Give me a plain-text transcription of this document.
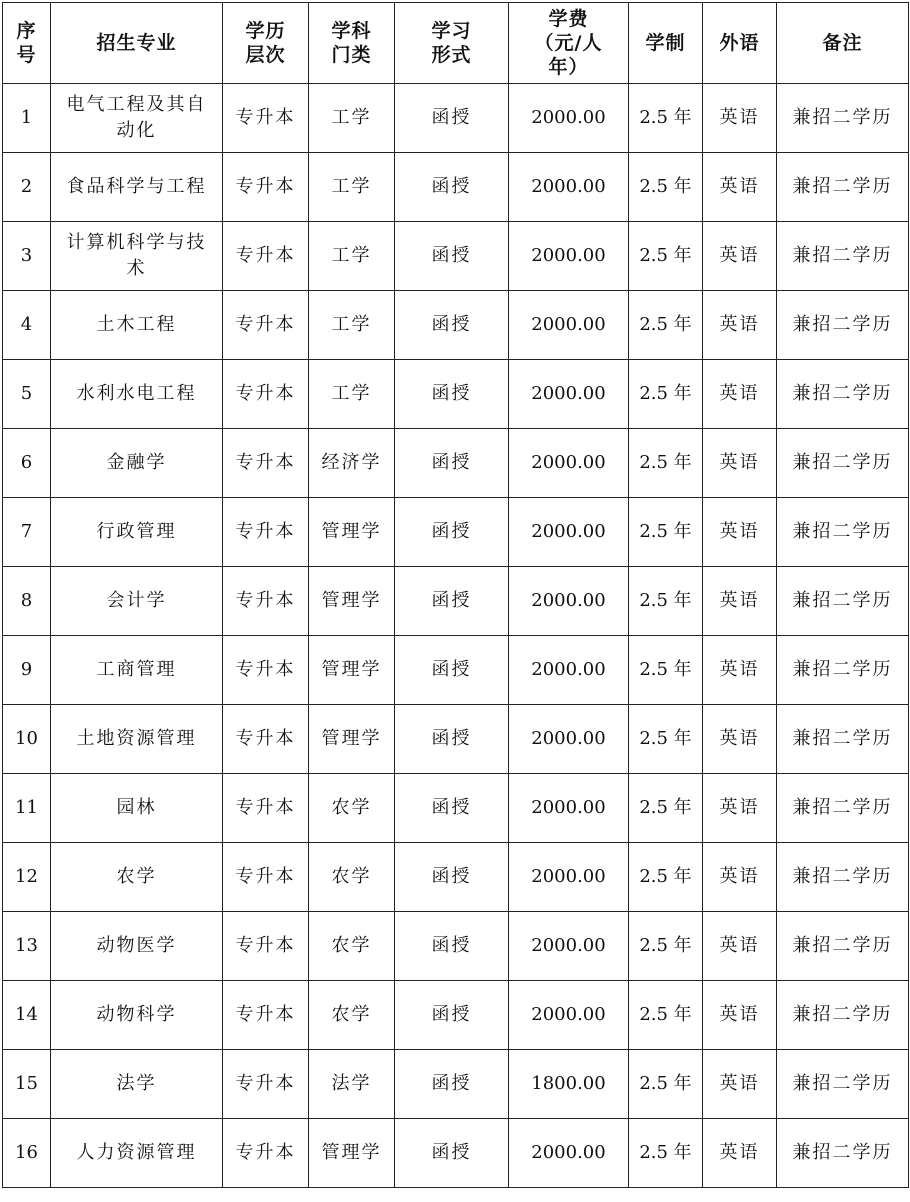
序号	招生专业	学历层次	学科门类	学习形式	学费（元/人年）	学制	外语	备注
1	电气工程及其自动化	专升本	工学	函授	2000.00	2.5 年	英语	兼招二学历
2	食品科学与工程	专升本	工学	函授	2000.00	2.5 年	英语	兼招二学历
3	计算机科学与技术	专升本	工学	函授	2000.00	2.5 年	英语	兼招二学历
4	土木工程	专升本	工学	函授	2000.00	2.5 年	英语	兼招二学历
5	水利水电工程	专升本	工学	函授	2000.00	2.5 年	英语	兼招二学历
6	金融学	专升本	经济学	函授	2000.00	2.5 年	英语	兼招二学历
7	行政管理	专升本	管理学	函授	2000.00	2.5 年	英语	兼招二学历
8	会计学	专升本	管理学	函授	2000.00	2.5 年	英语	兼招二学历
9	工商管理	专升本	管理学	函授	2000.00	2.5 年	英语	兼招二学历
10	土地资源管理	专升本	管理学	函授	2000.00	2.5 年	英语	兼招二学历
11	园林	专升本	农学	函授	2000.00	2.5 年	英语	兼招二学历
12	农学	专升本	农学	函授	2000.00	2.5 年	英语	兼招二学历
13	动物医学	专升本	农学	函授	2000.00	2.5 年	英语	兼招二学历
14	动物科学	专升本	农学	函授	2000.00	2.5 年	英语	兼招二学历
15	法学	专升本	法学	函授	1800.00	2.5 年	英语	兼招二学历
16	人力资源管理	专升本	管理学	函授	2000.00	2.5 年	英语	兼招二学历
